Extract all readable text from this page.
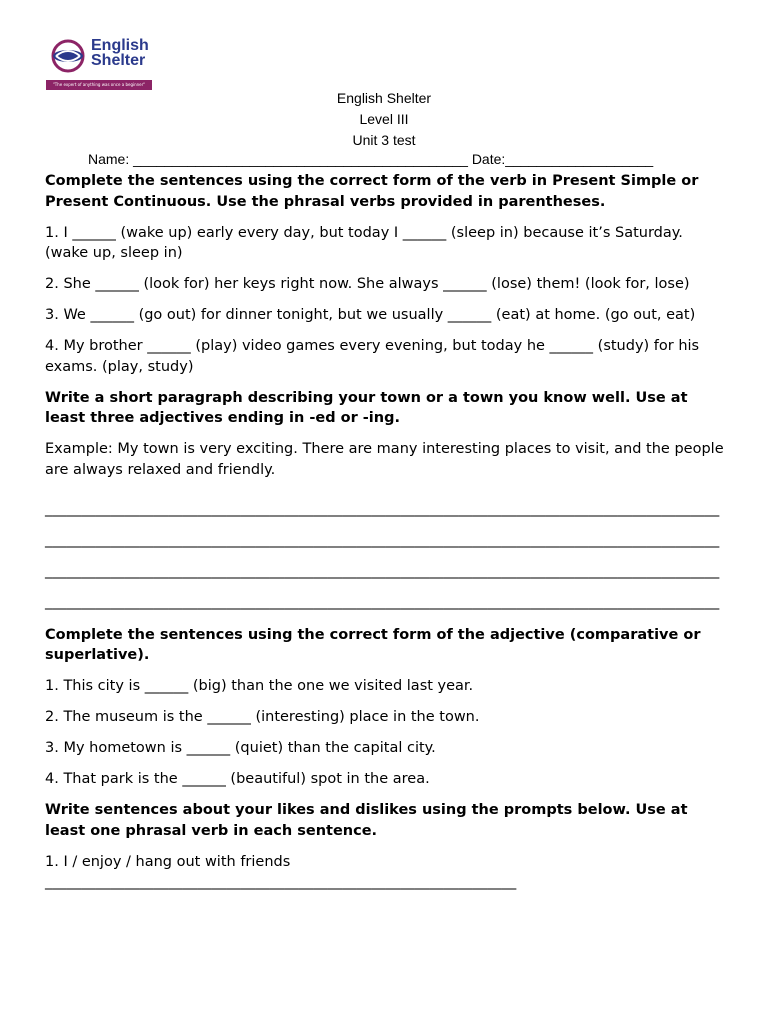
English
Shelter
"The expert of anything was once a beginner"
English Shelter
Level III
Unit 3 test
Name: ___________________________________________ Date:___________________

Complete the sentences using the correct form of the verb in Present Simple or Present Continuous. Use the phrasal verbs provided in parentheses.

1. I ______ (wake up) early every day, but today I ______ (sleep in) because it’s Saturday. (wake up, sleep in)

2. She ______ (look for) her keys right now. She always ______ (lose) them! (look for, lose)

3. We ______ (go out) for dinner tonight, but we usually ______ (eat) at home. (go out, eat)

4. My brother ______ (play) video games every evening, but today he ______ (study) for his exams. (play, study)

Write a short paragraph describing your town or a town you know well. Use at least three adjectives ending in -ed or -ing.

Example: My town is very exciting. There are many interesting places to visit, and the people are always relaxed and friendly.

_____________________________________________________________________________________________

_____________________________________________________________________________________________

_____________________________________________________________________________________________

_____________________________________________________________________________________________

Complete the sentences using the correct form of the adjective (comparative or superlative).

1. This city is ______ (big) than the one we visited last year.

2. The museum is the ______ (interesting) place in the town.

3. My hometown is ______ (quiet) than the capital city.

4. That park is the ______ (beautiful) spot in the area.

Write sentences about your likes and dislikes using the prompts below. Use at least one phrasal verb in each sentence.

1. I / enjoy / hang out with friends

_________________________________________________________________
